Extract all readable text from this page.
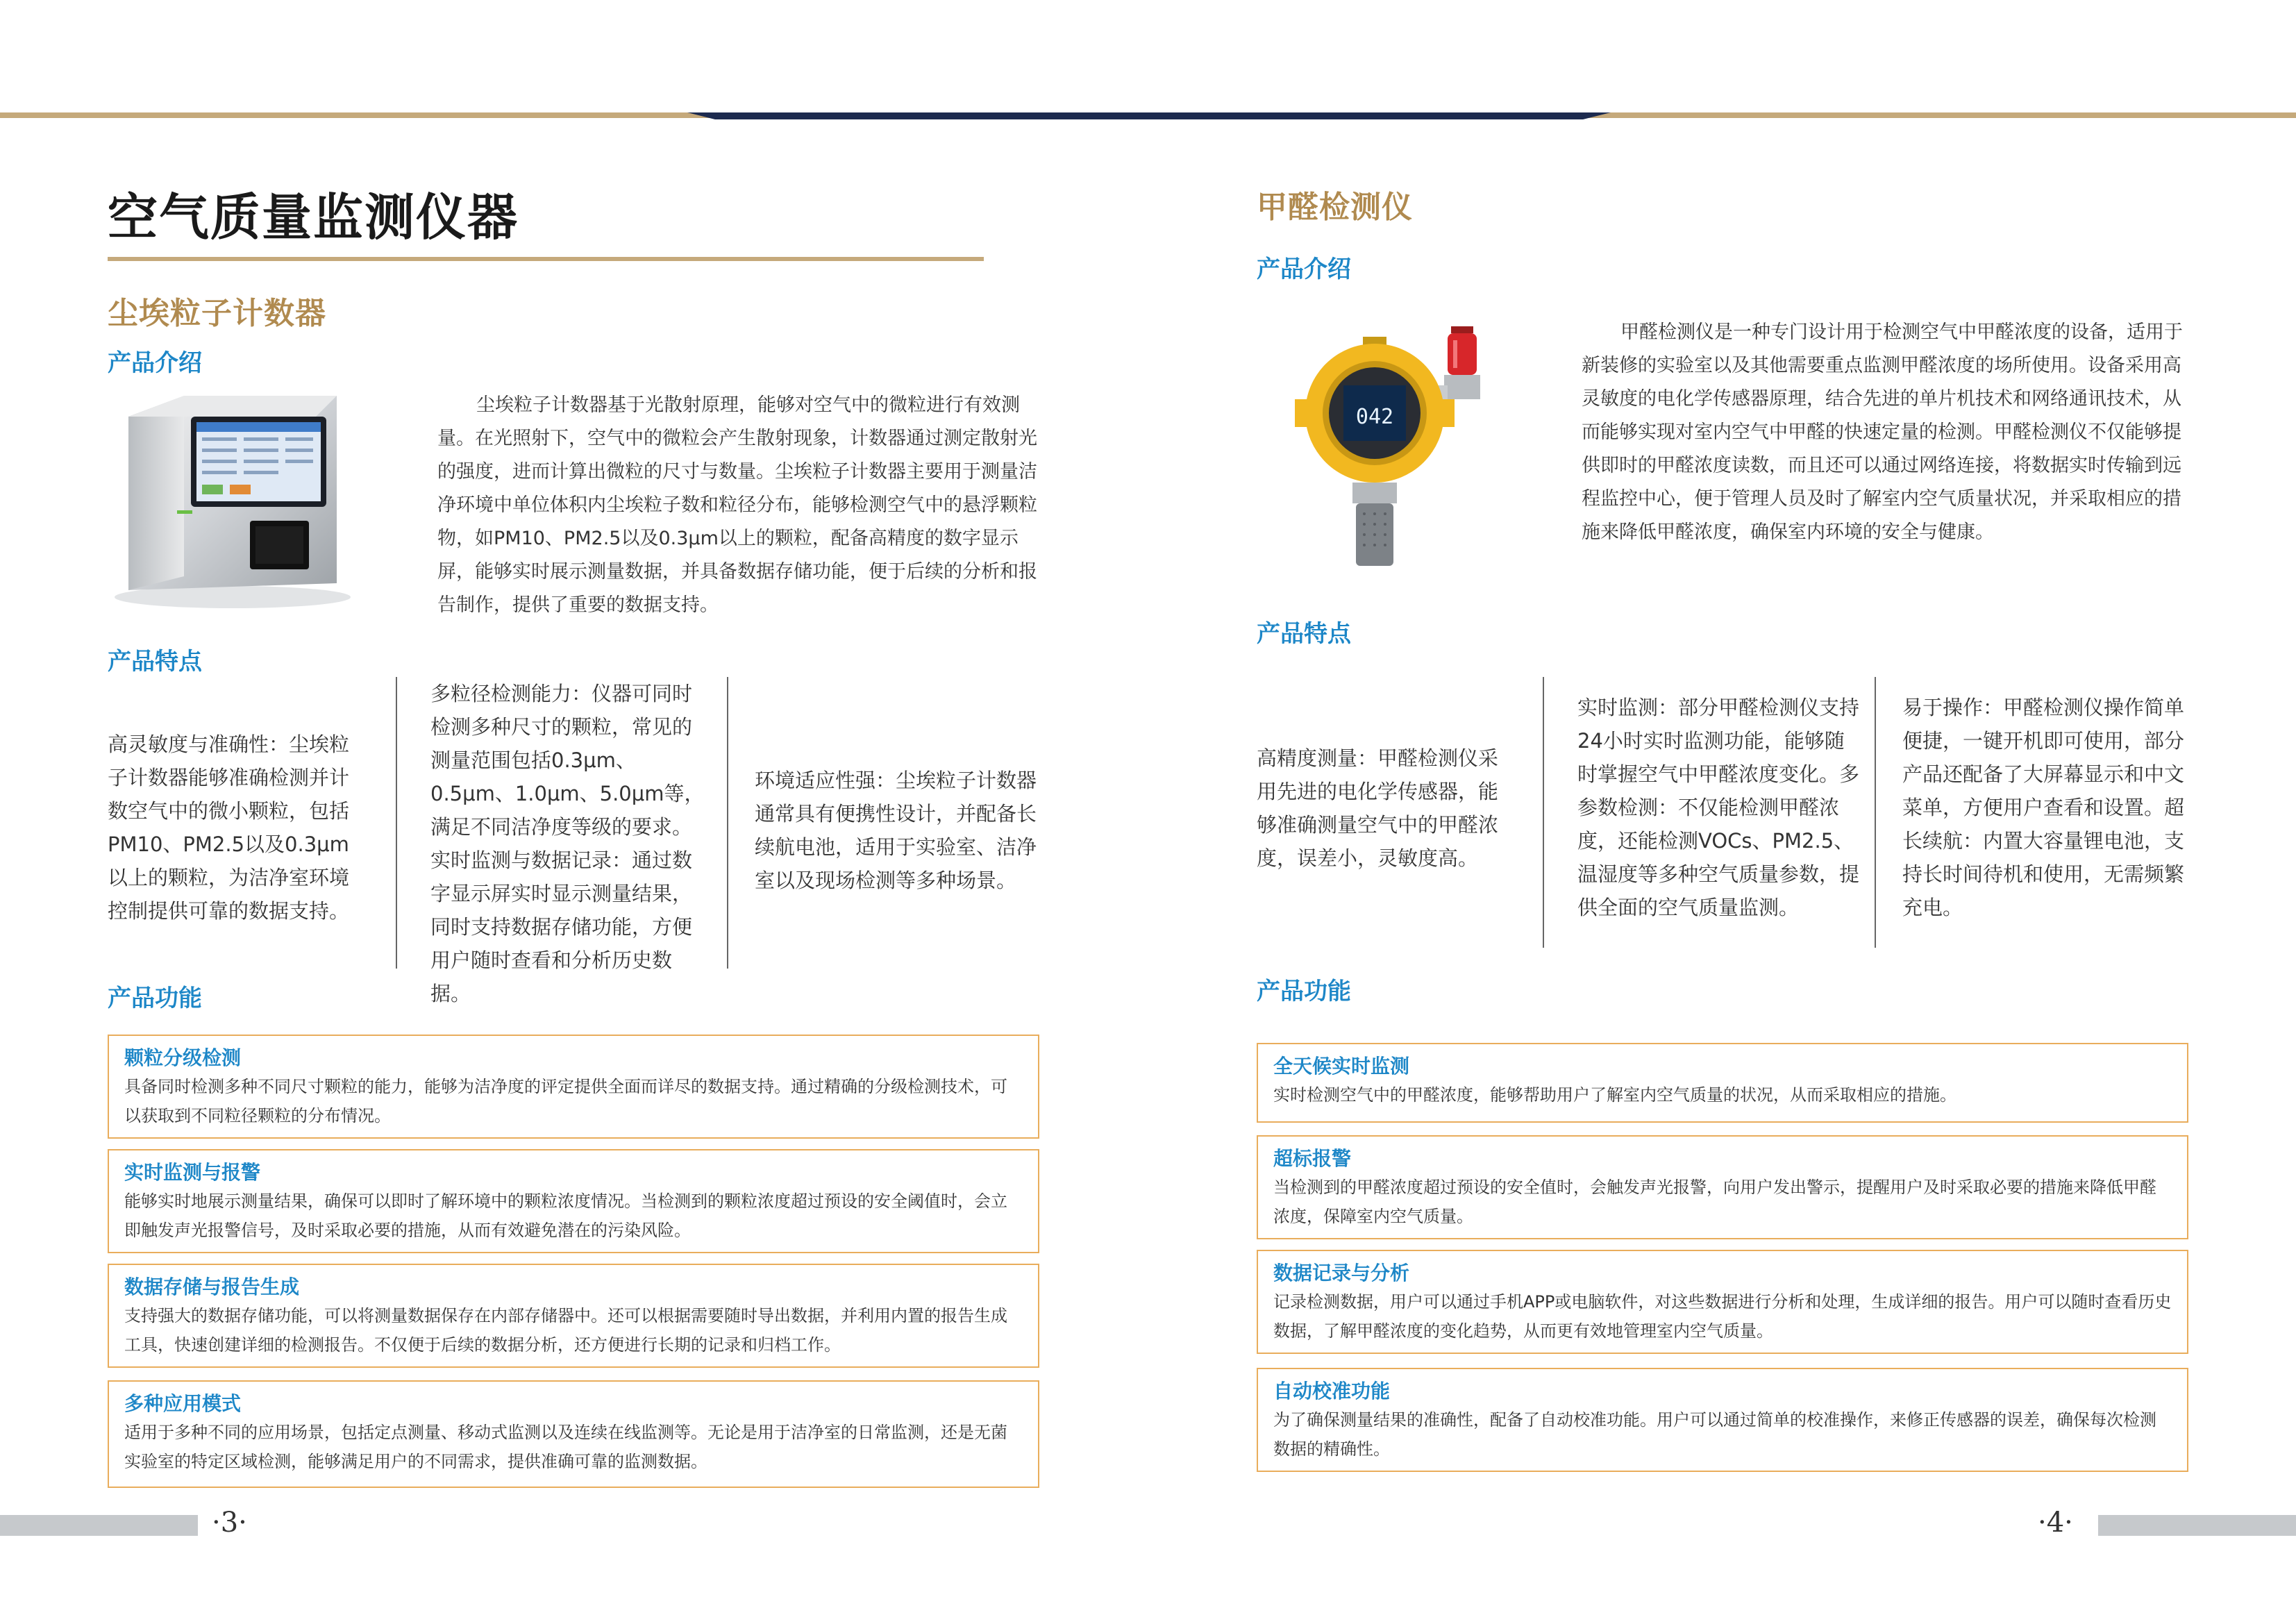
空气质量监测仪器
尘埃粒子计数器
产品介绍
尘埃粒子计数器基于光散射原理，能够对空气中的微粒进行有效测量。在光照射下，空气中的微粒会产生散射现象，计数器通过测定散射光的强度，进而计算出微粒的尺寸与数量。尘埃粒子计数器主要用于测量洁净环境中单位体积内尘埃粒子数和粒径分布，能够检测空气中的悬浮颗粒物，如PM10、PM2.5以及0.3μm以上的颗粒，配备高精度的数字显示屏，能够实时展示测量数据，并具备数据存储功能，便于后续的分析和报告制作，提供了重要的数据支持。
产品特点
高灵敏度与准确性：尘埃粒子计数器能够准确检测并计数空气中的微小颗粒，包括PM10、PM2.5以及0.3μm以上的颗粒，为洁净室环境控制提供可靠的数据支持。
多粒径检测能力：仪器可同时检测多种尺寸的颗粒，常见的测量范围包括0.3μm、0.5μm、1.0μm、5.0μm等，满足不同洁净度等级的要求。实时监测与数据记录：通过数字显示屏实时显示测量结果，同时支持数据存储功能，方便用户随时查看和分析历史数据。
环境适应性强：尘埃粒子计数器通常具有便携性设计，并配备长续航电池，适用于实验室、洁净室以及现场检测等多种场景。
产品功能
颗粒分级检测
具备同时检测多种不同尺寸颗粒的能力，能够为洁净度的评定提供全面而详尽的数据支持。通过精确的分级检测技术，可以获取到不同粒径颗粒的分布情况。
实时监测与报警
能够实时地展示测量结果，确保可以即时了解环境中的颗粒浓度情况。当检测到的颗粒浓度超过预设的安全阈值时，会立即触发声光报警信号，及时采取必要的措施，从而有效避免潜在的污染风险。
数据存储与报告生成
支持强大的数据存储功能，可以将测量数据保存在内部存储器中。还可以根据需要随时导出数据，并利用内置的报告生成工具，快速创建详细的检测报告。不仅便于后续的数据分析，还方便进行长期的记录和归档工作。
多种应用模式
适用于多种不同的应用场景，包括定点测量、移动式监测以及连续在线监测等。无论是用于洁净室的日常监测，还是无菌实验室的特定区域检测，能够满足用户的不同需求，提供准确可靠的监测数据。
·3·
甲醛检测仪
产品介绍
042
甲醛检测仪是一种专门设计用于检测空气中甲醛浓度的设备，适用于新装修的实验室以及其他需要重点监测甲醛浓度的场所使用。设备采用高灵敏度的电化学传感器原理，结合先进的单片机技术和网络通讯技术，从而能够实现对室内空气中甲醛的快速定量的检测。甲醛检测仪不仅能够提供即时的甲醛浓度读数，而且还可以通过网络连接，将数据实时传输到远程监控中心，便于管理人员及时了解室内空气质量状况，并采取相应的措施来降低甲醛浓度，确保室内环境的安全与健康。
产品特点
高精度测量：甲醛检测仪采用先进的电化学传感器，能够准确测量空气中的甲醛浓度，误差小，灵敏度高。
实时监测：部分甲醛检测仪支持24小时实时监测功能，能够随时掌握空气中甲醛浓度变化。多参数检测：不仅能检测甲醛浓度，还能检测VOCs、PM2.5、温湿度等多种空气质量参数，提供全面的空气质量监测。
易于操作：甲醛检测仪操作简单便捷，一键开机即可使用，部分产品还配备了大屏幕显示和中文菜单，方便用户查看和设置。超长续航：内置大容量锂电池，支持长时间待机和使用，无需频繁充电。
产品功能
全天候实时监测
实时检测空气中的甲醛浓度，能够帮助用户了解室内空气质量的状况，从而采取相应的措施。
超标报警
当检测到的甲醛浓度超过预设的安全值时，会触发声光报警，向用户发出警示，提醒用户及时采取必要的措施来降低甲醛浓度，保障室内空气质量。
数据记录与分析
记录检测数据，用户可以通过手机APP或电脑软件，对这些数据进行分析和处理，生成详细的报告。用户可以随时查看历史数据，了解甲醛浓度的变化趋势，从而更有效地管理室内空气质量。
自动校准功能
为了确保测量结果的准确性，配备了自动校准功能。用户可以通过简单的校准操作，来修正传感器的误差，确保每次检测数据的精确性。
·4·
